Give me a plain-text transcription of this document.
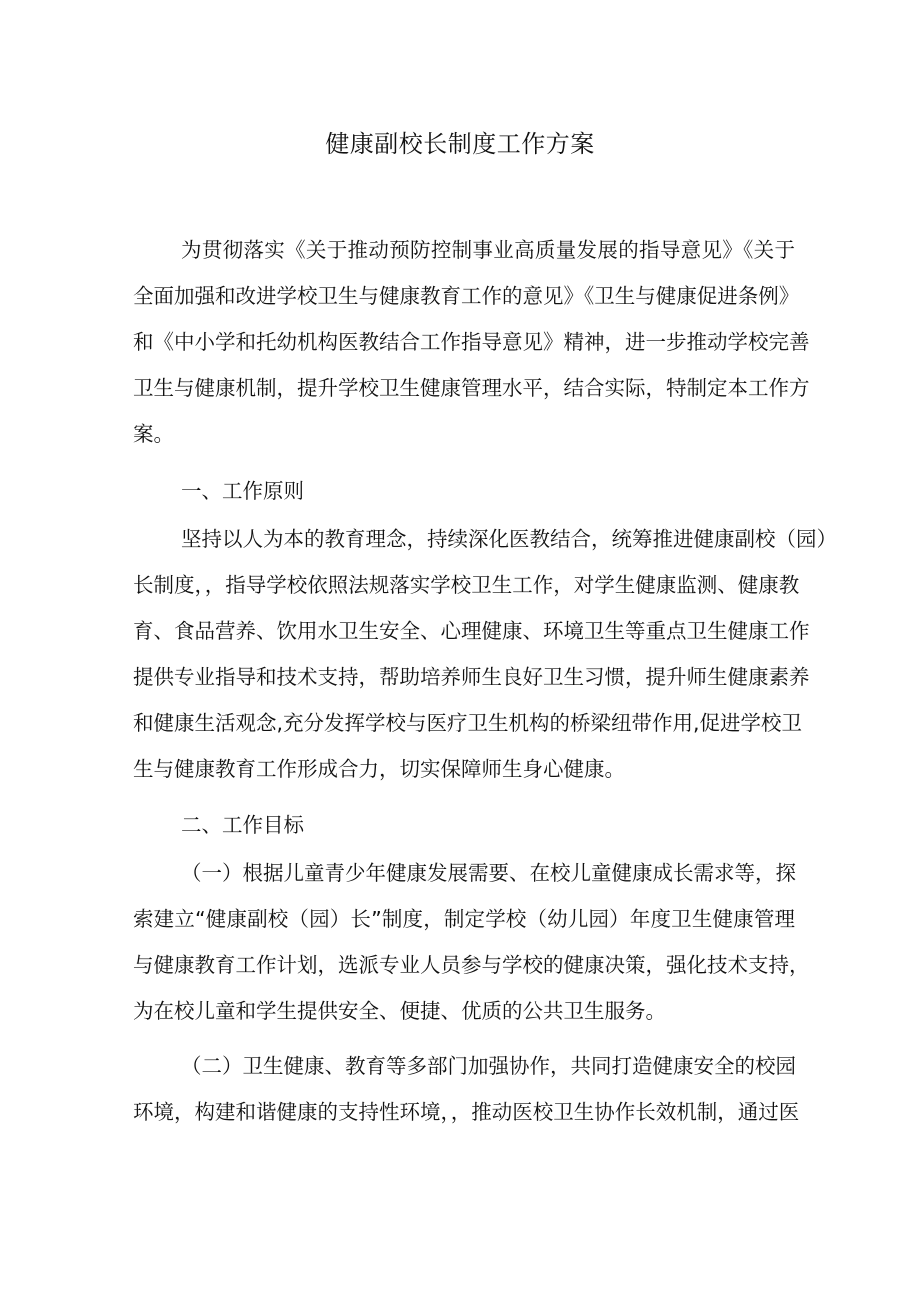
健康副校长制度工作方案
为贯彻落实《关于推动预防控制事业高质量发展的指导意见》《关于
全面加强和改进学校卫生与健康教育工作的意见》《卫生与健康促进条例》
和《中小学和托幼机构医教结合工作指导意见》精神，进一步推动学校完善
卫生与健康机制，提升学校卫生健康管理水平，结合实际，特制定本工作方
案。
一、工作原则
坚持以人为本的教育理念，持续深化医教结合，统筹推进健康副校（园）
长制度，，指导学校依照法规落实学校卫生工作，对学生健康监测、健康教
育、食品营养、饮用水卫生安全、心理健康、环境卫生等重点卫生健康工作
提供专业指导和技术支持，帮助培养师生良好卫生习惯，提升师生健康素养
和健康生活观念,充分发挥学校与医疗卫生机构的桥梁纽带作用,促进学校卫
生与健康教育工作形成合力，切实保障师生身心健康。
二、工作目标
（一）根据儿童青少年健康发展需要、在校儿童健康成长需求等，探
索建立“健康副校（园）长”制度，制定学校（幼儿园）年度卫生健康管理
与健康教育工作计划，选派专业人员参与学校的健康决策，强化技术支持，
为在校儿童和学生提供安全、便捷、优质的公共卫生服务。
（二）卫生健康、教育等多部门加强协作，共同打造健康安全的校园
环境，构建和谐健康的支持性环境，，推动医校卫生协作长效机制，通过医
